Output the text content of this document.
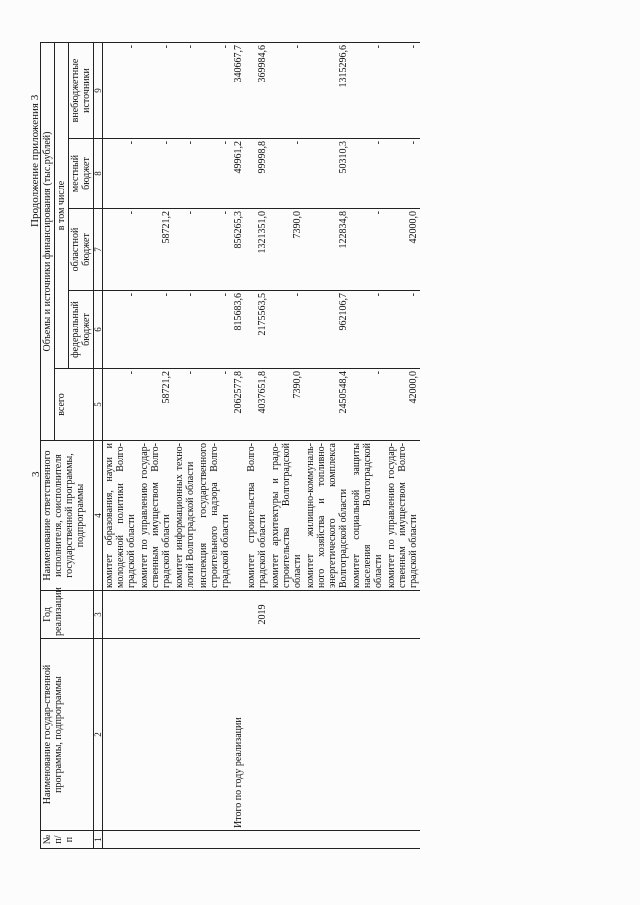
3
Продолжение приложения 3
№ п/п	Наименование государ-ственной программы, подпрограммы	Год реализации	Наименование ответственного исполнителя, соисполнителя государственной программы, подпрограммы	Объемы и источники финансирования (тыс.рублей)				
				всего	в том числе			
					федеральный бюджет	областной бюджет	местный бюджет	внебюджетные источники
1	2	3	4	5	6	7	8	9
			комитет образования, науки и молодежной политики Волго-градской области	-	-	-	-	-
			комитет по управлению государ-ственным имуществом Волго-градской области	58721,2	-	58721,2	-	-
			комитет информационных техно-логий Волгоградской области	-	-	-	-	-
			инспекция государственного строительного надзора Волго-градской области	-	-	-	-	-
	Итого по году реализации			2062577,8	815683,6	856265,3	49961,2	340667,7
		2019	комитет строительства Волго-градской области	4037651,8	2175563,5	1321351,0	99998,8	369984,6
			комитет архитектуры и градо-строительства Волгоградской области	7390,0	-	7390,0	-	-
			комитет жилищно-коммуналь-ного хозяйства и топливно-энергетического комплекса Волгоградской области	2450548,4	962106,7	122834,8	50310,3	1315296,6
			комитет социальной защиты населения Волгоградской области	-	-	-	-	-
			комитет по управлению государ-ственным имуществом Волго-градской области	42000,0	-	42000,0	-	-
